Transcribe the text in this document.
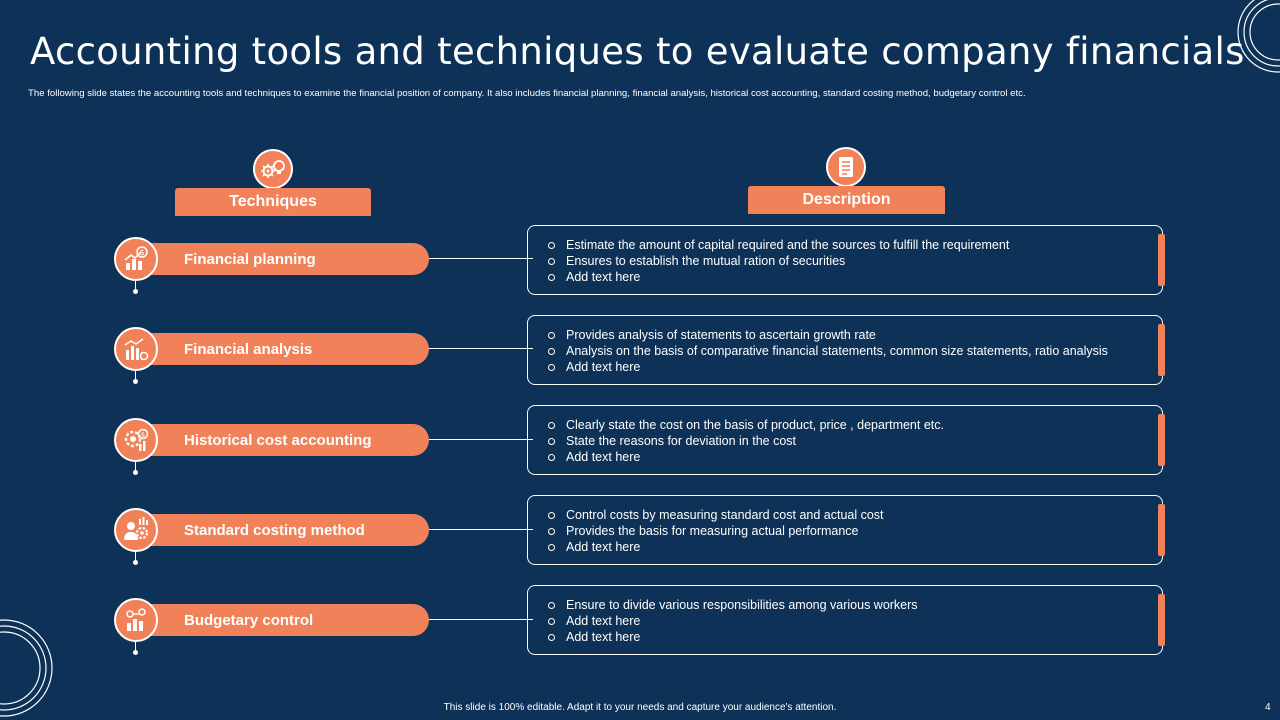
Accounting tools and techniques to evaluate company financials

The following slide states the accounting tools and techniques to examine the financial position of company. It also includes financial planning, financial analysis, historical cost accounting, standard costing method, budgetary control etc.

Techniques	Description
$	Financial planning
Estimate the amount of capital required and the sources to fulfill the requirement
Ensures to establish the mutual ration of securities
Add text here
Financial analysis
Provides analysis of statements to ascertain growth rate
Analysis on the basis of comparative financial statements, common size statements, ratio analysis
Add text here
$	Historical cost accounting
Clearly state the cost on the basis of product, price , department etc.
State the reasons for deviation in the cost
Add text here
Standard costing method
Control costs by measuring standard cost and actual cost
Provides the basis for measuring actual performance
Add text here
Budgetary control
Ensure to divide various responsibilities among various workers
Add text here
Add text here
This slide is 100% editable. Adapt it to your needs and capture your audience's attention.	4
